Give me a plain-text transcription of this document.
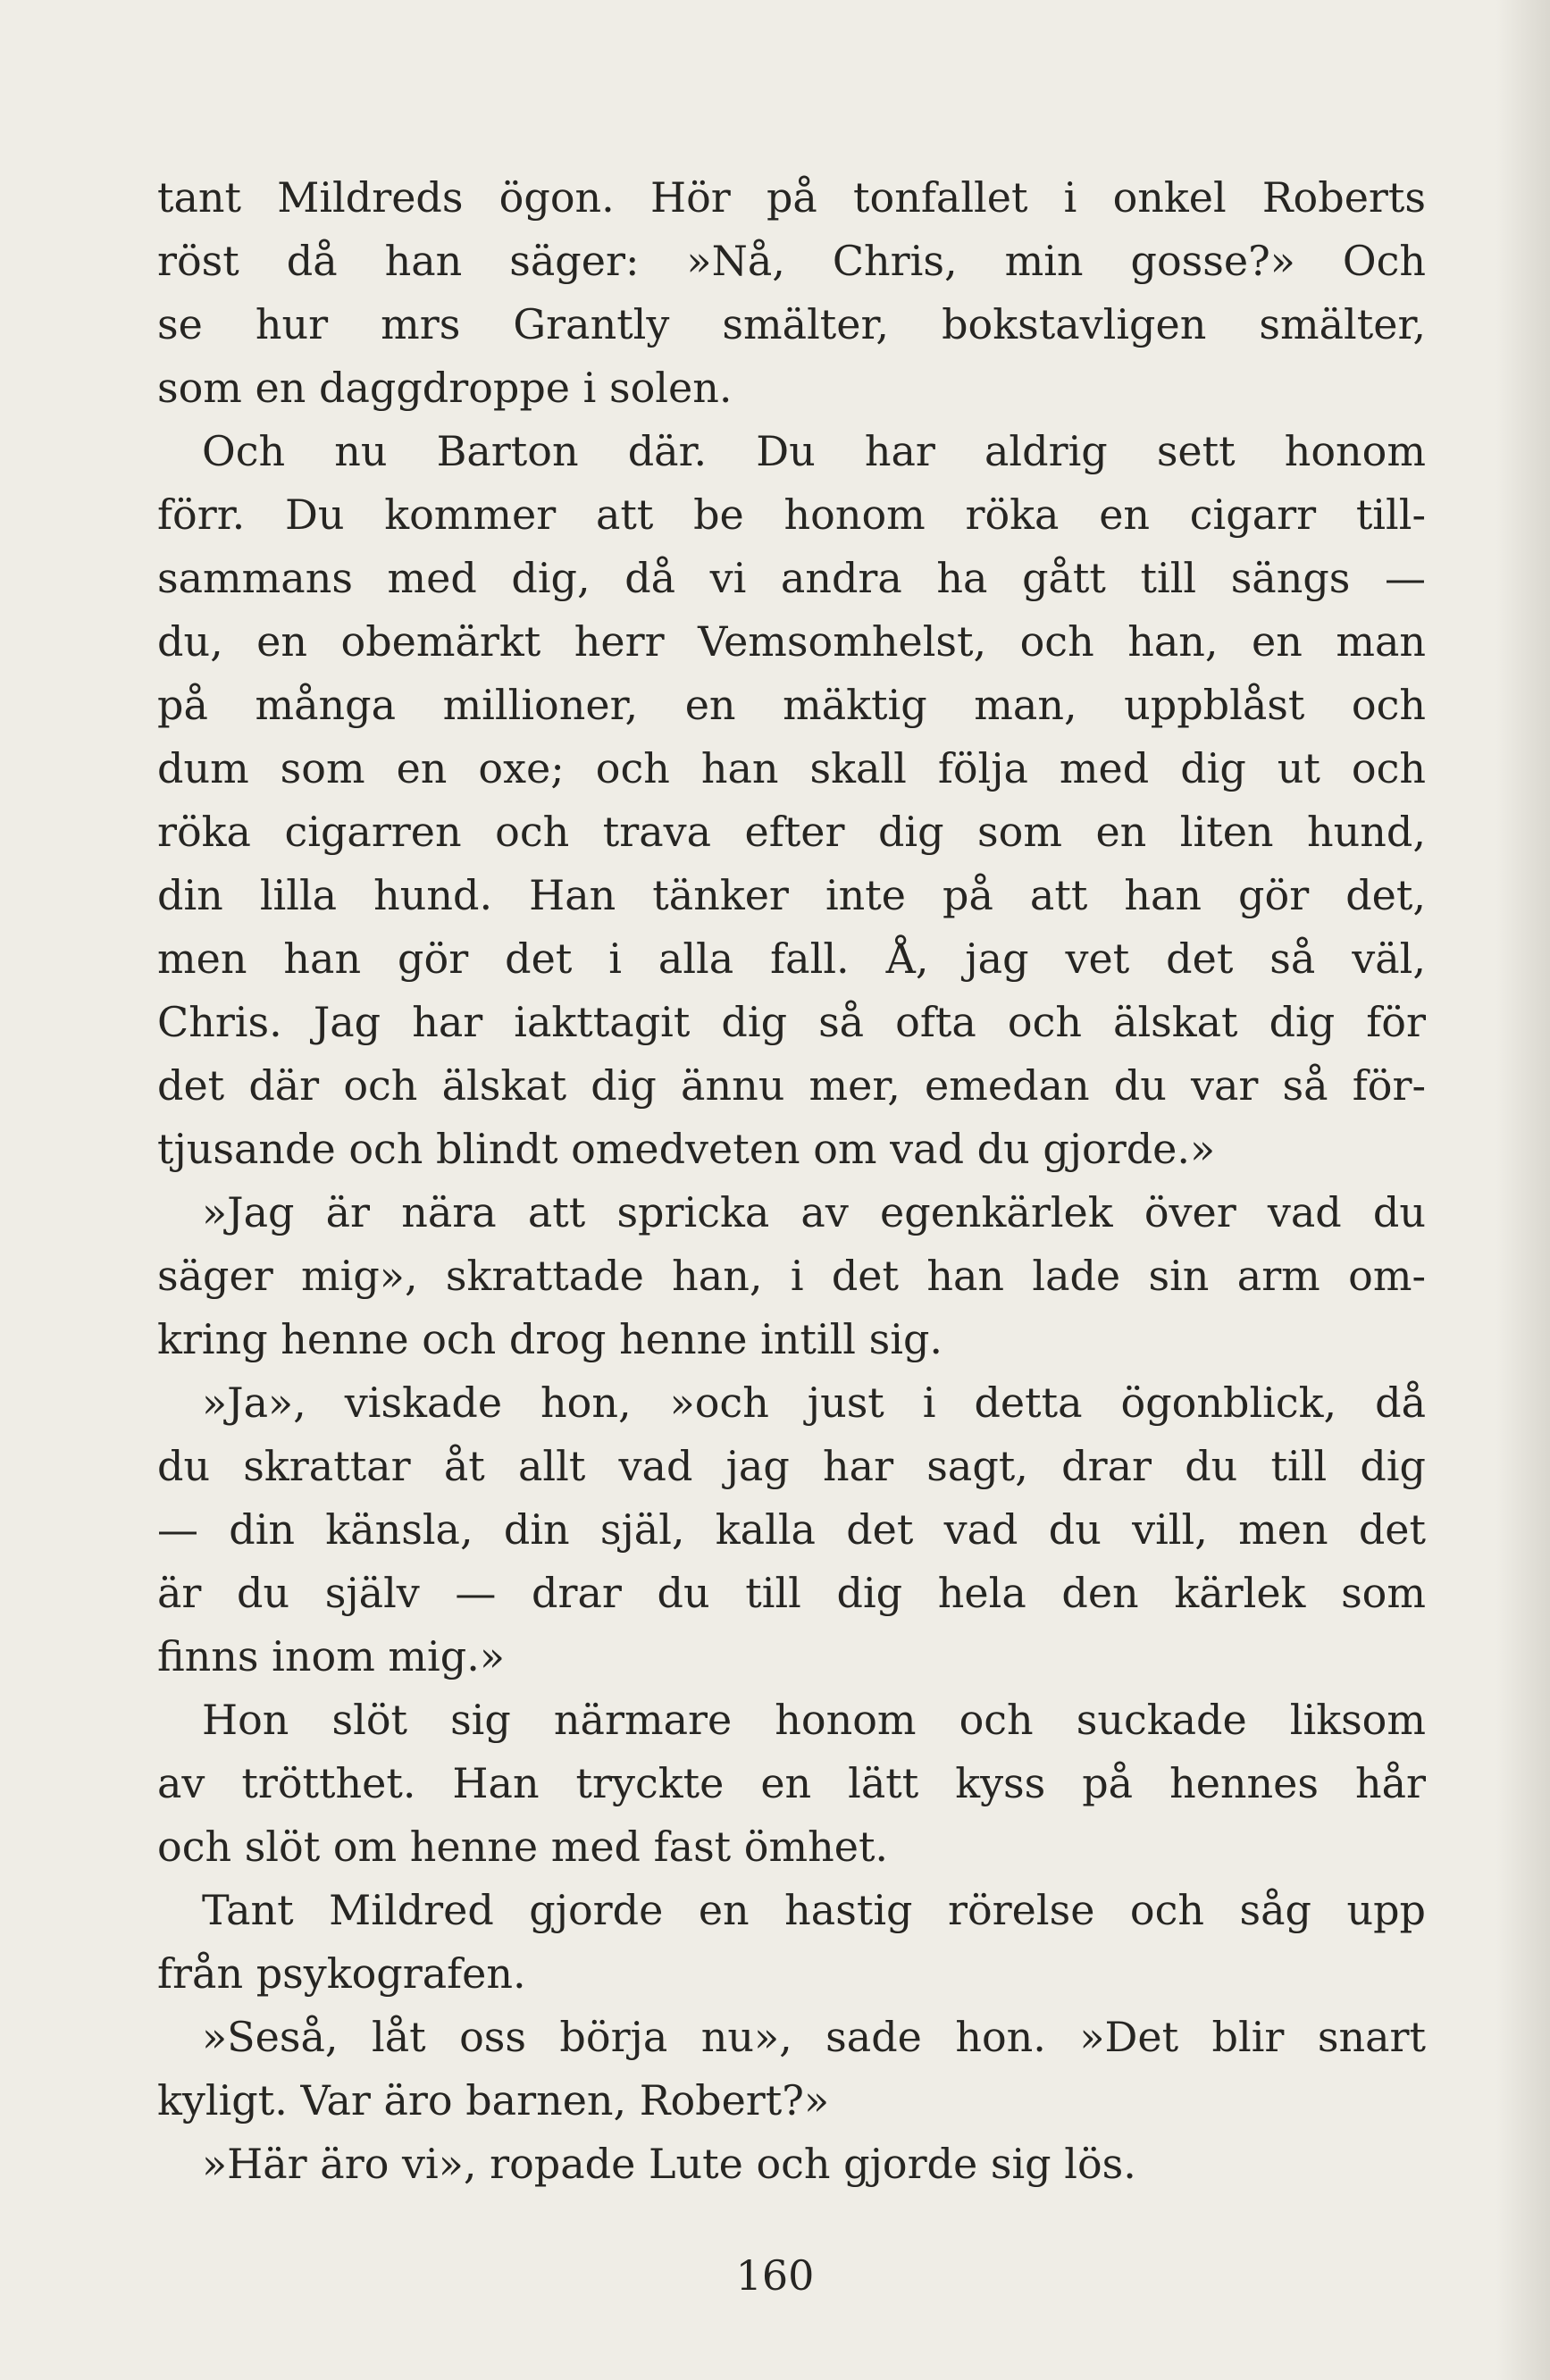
tant Mildreds ögon. Hör på tonfallet i onkel Roberts
röst då han säger: »Nå, Chris, min gosse?» Och
se hur mrs Grantly smälter, bokstavligen smälter,
som en daggdroppe i solen.
Och nu Barton där. Du har aldrig sett honom
förr. Du kommer att be honom röka en cigarr till-
sammans med dig, då vi andra ha gått till sängs —
du, en obemärkt herr Vemsomhelst, och han, en man
på många millioner, en mäktig man, uppblåst och
dum som en oxe; och han skall följa med dig ut och
röka cigarren och trava efter dig som en liten hund,
din lilla hund. Han tänker inte på att han gör det,
men han gör det i alla fall. Å, jag vet det så väl,
Chris. Jag har iakttagit dig så ofta och älskat dig för
det där och älskat dig ännu mer, emedan du var så för-
tjusande och blindt omedveten om vad du gjorde.»
»Jag är nära att spricka av egenkärlek över vad du
säger mig», skrattade han, i det han lade sin arm om-
kring henne och drog henne intill sig.
»Ja», viskade hon, »och just i detta ögonblick, då
du skrattar åt allt vad jag har sagt, drar du till dig
— din känsla, din själ, kalla det vad du vill, men det
är du själv — drar du till dig hela den kärlek som
finns inom mig.»
Hon slöt sig närmare honom och suckade liksom
av trötthet. Han tryckte en lätt kyss på hennes hår
och slöt om henne med fast ömhet.
Tant Mildred gjorde en hastig rörelse och såg upp
från psykografen.
»Seså, låt oss börja nu», sade hon. »Det blir snart
kyligt. Var äro barnen, Robert?»
»Här äro vi», ropade Lute och gjorde sig lös.
160
